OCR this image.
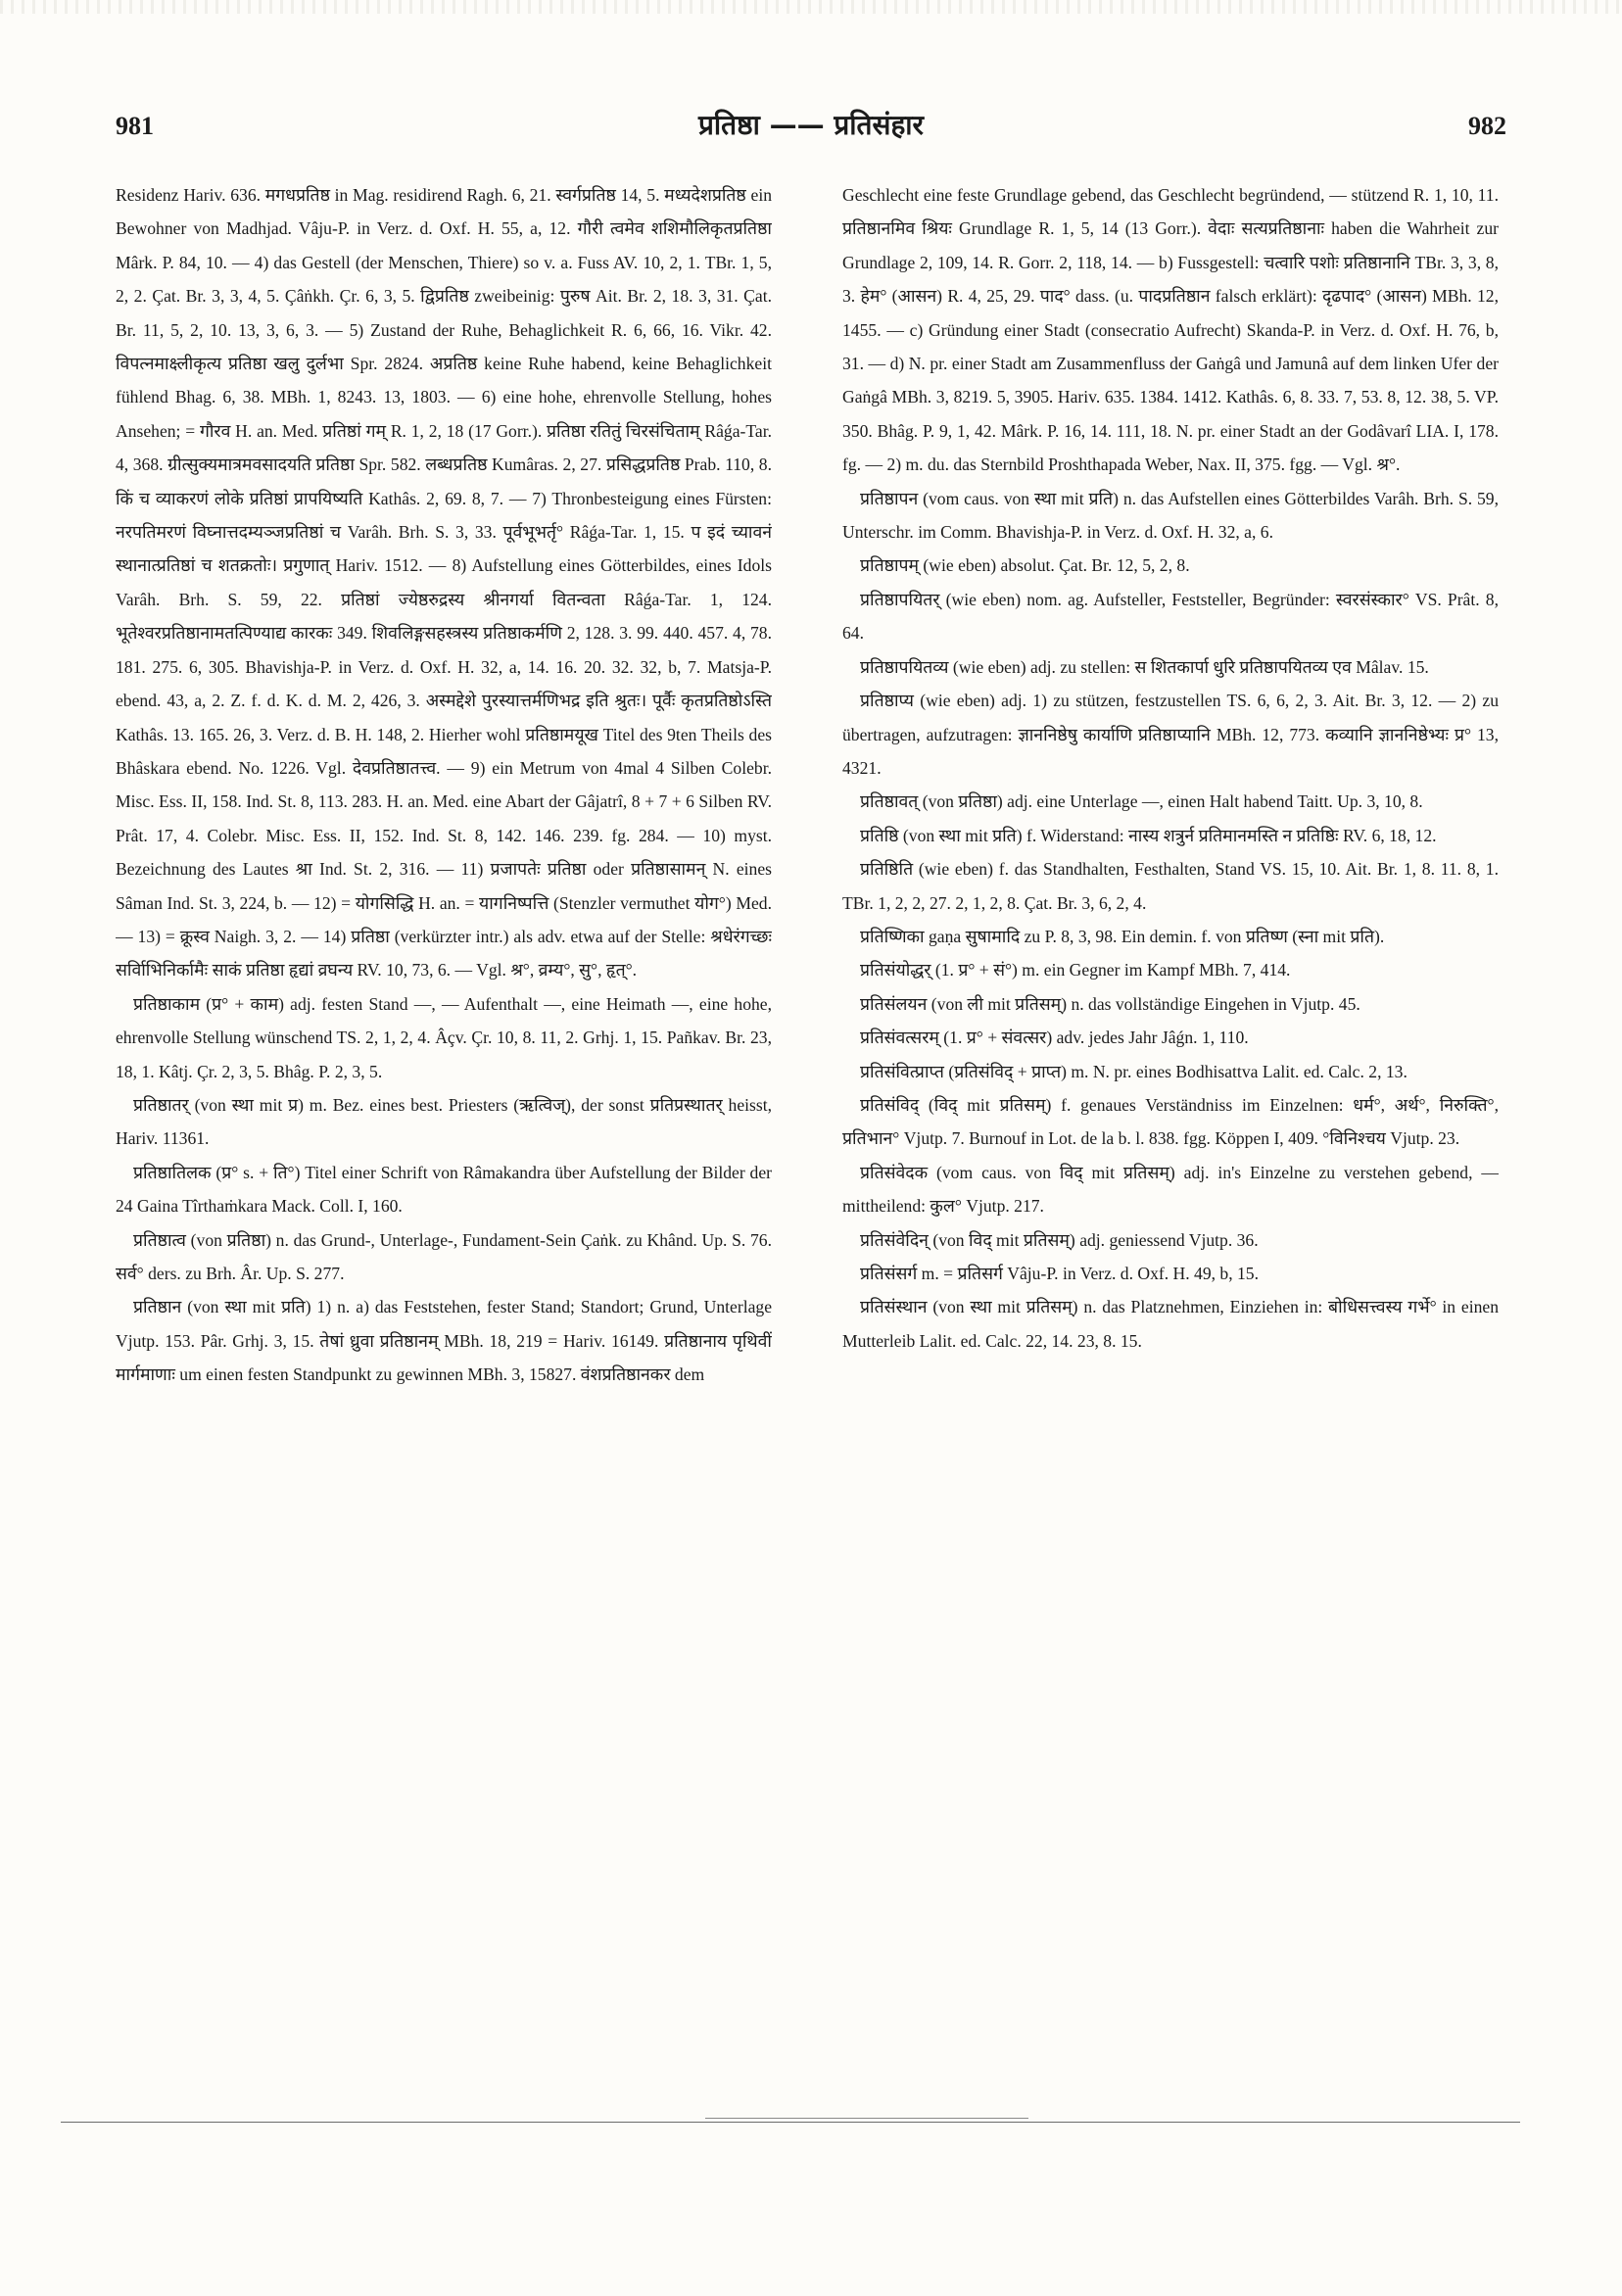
981	प्रतिष्ठा —— प्रतिसंहार	982

Residenz Hariv. 636. मगधप्रतिष्ठ in Mag. residirend Ragh. 6, 21. स्वर्गप्रतिष्ठ 14, 5. मध्यदेशप्रतिष्ठ ein Bewohner von Madhjad. Vâju-P. in Verz. d. Oxf. H. 55, a, 12. गौरी त्वमेव शशिमौलिकृतप्रतिष्ठा Mârk. P. 84, 10. — 4) das Gestell (der Menschen, Thiere) so v. a. Fuss AV. 10, 2, 1. TBr. 1, 5, 2, 2. Çat. Br. 3, 3, 4, 5. Çâṅkh. Çr. 6, 3, 5. द्विप्रतिष्ठ zweibeinig: पुरुष Ait. Br. 2, 18. 3, 31. Çat. Br. 11, 5, 2, 10. 13, 3, 6, 3. — 5) Zustand der Ruhe, Behaglichkeit R. 6, 66, 16. Vikr. 42. विपत्नमाक्ष्लीकृत्य प्रतिष्ठा खलु दुर्लभा Spr. 2824. अप्रतिष्ठ keine Ruhe habend, keine Behaglichkeit fühlend Bhag. 6, 38. MBh. 1, 8243. 13, 1803. — 6) eine hohe, ehrenvolle Stellung, hohes Ansehen; = गौरव H. an. Med. प्रतिष्ठां गम् R. 1, 2, 18 (17 Gorr.). प्रतिष्ठा रतितुं चिरसंचिताम् Râǵa-Tar. 4, 368. ग्रीत्सुक्यमात्रमवसादयति प्रतिष्ठा Spr. 582. लब्धप्रतिष्ठ Kumâras. 2, 27. प्रसिद्धप्रतिष्ठ Prab. 110, 8. किं च व्याकरणं लोके प्रतिष्ठां प्रापयिष्यति Kathâs. 2, 69. 8, 7. — 7) Thronbesteigung eines Fürsten: नरपतिमरणं विघ्नात्तदम्यञ्जप्रतिष्ठां च Varâh. Brh. S. 3, 33. पूर्वभूभर्तृ° Râǵa-Tar. 1, 15. प इदं च्यावनं स्थानात्प्रतिष्ठां च शतक्रतोः। प्रगुणात् Hariv. 1512. — 8) Aufstellung eines Götterbildes, eines Idols Varâh. Brh. S. 59, 22. प्रतिष्ठां ज्येष्ठरुद्रस्य श्रीनगर्या वितन्वता Râǵa-Tar. 1, 124. भूतेश्वरप्रतिष्ठानामतत्पिण्याद्य कारकः 349. शिवलिङ्गसहस्त्रस्य प्रतिष्ठाकर्मणि 2, 128. 3. 99. 440. 457. 4, 78. 181. 275. 6, 305. Bhavishja-P. in Verz. d. Oxf. H. 32, a, 14. 16. 20. 32. 32, b, 7. Matsja-P. ebend. 43, a, 2. Z. f. d. K. d. M. 2, 426, 3. अस्मद्देशे पुरस्यात्तर्मणिभद्र इति श्रुतः। पूर्वैः कृतप्रतिष्ठोऽस्ति Kathâs. 13. 165. 26, 3. Verz. d. B. H. 148, 2. Hierher wohl प्रतिष्ठामयूख Titel des 9ten Theils des Bhâskara ebend. No. 1226. Vgl. देवप्रतिष्ठातत्त्व. — 9) ein Metrum von 4mal 4 Silben Colebr. Misc. Ess. II, 158. Ind. St. 8, 113. 283. H. an. Med. eine Abart der Gâjatrî, 8 + 7 + 6 Silben RV. Prât. 17, 4. Colebr. Misc. Ess. II, 152. Ind. St. 8, 142. 146. 239. fg. 284. — 10) myst. Bezeichnung des Lautes श्रा Ind. St. 2, 316. — 11) प्रजापतेः प्रतिष्ठा oder प्रतिष्ठासामन् N. eines Sâman Ind. St. 3, 224, b. — 12) = योगसिद्धि H. an. = यागनिष्पत्ति (Stenzler vermuthet योग°) Med. — 13) = क्रूस्व Naigh. 3, 2. — 14) प्रतिष्ठा (verkürzter intr.) als adv. etwa auf der Stelle: श्रधेरंगच्छः सर्वािभिनिर्कामैः साकं प्रतिष्ठा हृद्यां व्रघन्य RV. 10, 73, 6. — Vgl. श्र°, व्रम्य°, सु°, हृत्°.

प्रतिष्ठाकाम (प्र° + काम) adj. festen Stand —, — Aufenthalt —, eine Heimath —, eine hohe, ehrenvolle Stellung wünschend TS. 2, 1, 2, 4. Âçv. Çr. 10, 8. 11, 2. Grhj. 1, 15. Pañkav. Br. 23, 18, 1. Kâtj. Çr. 2, 3, 5. Bhâg. P. 2, 3, 5.

प्रतिष्ठातर् (von स्था mit प्र) m. Bez. eines best. Priesters (ऋत्विज्), der sonst प्रतिप्रस्थातर् heisst, Hariv. 11361.

प्रतिष्ठातिलक (प्र° s. + ति°) Titel einer Schrift von Râmakandra über Aufstellung der Bilder der 24 Gaina Tîrthaṁkara Mack. Coll. I, 160.

प्रतिष्ठात्व (von प्रतिष्ठा) n. das Grund-, Unterlage-, Fundament-Sein Çaṅk. zu Khând. Up. S. 76. सर्व° ders. zu Brh. Âr. Up. S. 277.

प्रतिष्ठान (von स्था mit प्रति) 1) n. a) das Feststehen, fester Stand; Standort; Grund, Unterlage Vjutp. 153. Pâr. Grhj. 3, 15. तेषां ध्रुवा प्रतिष्ठानम् MBh. 18, 219 = Hariv. 16149. प्रतिष्ठानाय पृथिवीं मार्गमाणाः um einen festen Standpunkt zu gewinnen MBh. 3, 15827. वंशप्रतिष्ठानकर dem

Geschlecht eine feste Grundlage gebend, das Geschlecht begründend, — stützend R. 1, 10, 11. प्रतिष्ठानमिव श्रियः Grundlage R. 1, 5, 14 (13 Gorr.). वेदाः सत्यप्रतिष्ठानाः haben die Wahrheit zur Grundlage 2, 109, 14. R. Gorr. 2, 118, 14. — b) Fussgestell: चत्वारि पशोः प्रतिष्ठानानि TBr. 3, 3, 8, 3. हेम° (आसन) R. 4, 25, 29. पाद° dass. (u. पादप्रतिष्ठान falsch erklärt): दृढपाद° (आसन) MBh. 12, 1455. — c) Gründung einer Stadt (consecratio Aufrecht) Skanda-P. in Verz. d. Oxf. H. 76, b, 31. — d) N. pr. einer Stadt am Zusammenfluss der Gaṅgâ und Jamunâ auf dem linken Ufer der Gaṅgâ MBh. 3, 8219. 5, 3905. Hariv. 635. 1384. 1412. Kathâs. 6, 8. 33. 7, 53. 8, 12. 38, 5. VP. 350. Bhâg. P. 9, 1, 42. Mârk. P. 16, 14. 111, 18. N. pr. einer Stadt an der Godâvarî LIA. I, 178. fg. — 2) m. du. das Sternbild Proshthapada Weber, Nax. II, 375. fgg. — Vgl. श्र°.

प्रतिष्ठापन (vom caus. von स्था mit प्रति) n. das Aufstellen eines Götterbildes Varâh. Brh. S. 59, Unterschr. im Comm. Bhavishja-P. in Verz. d. Oxf. H. 32, a, 6.

प्रतिष्ठापम् (wie eben) absolut. Çat. Br. 12, 5, 2, 8.

प्रतिष्ठापयितर् (wie eben) nom. ag. Aufsteller, Feststeller, Begründer: स्वरसंस्कार° VS. Prât. 8, 64.

प्रतिष्ठापयितव्य (wie eben) adj. zu stellen: स शितकार्पा धुरि प्रतिष्ठापयितव्य एव Mâlav. 15.

प्रतिष्ठाप्य (wie eben) adj. 1) zu stützen, festzustellen TS. 6, 6, 2, 3. Ait. Br. 3, 12. — 2) zu übertragen, aufzutragen: ज्ञाननिष्ठेषु कार्याणि प्रतिष्ठाप्यानि MBh. 12, 773. कव्यानि ज्ञाननिष्ठेभ्यः प्र° 13, 4321.

प्रतिष्ठावत् (von प्रतिष्ठा) adj. eine Unterlage —, einen Halt habend Taitt. Up. 3, 10, 8.

प्रतिष्ठि (von स्था mit प्रति) f. Widerstand: नास्य शत्रुर्न प्रतिमानमस्ति न प्रतिष्ठिः RV. 6, 18, 12.

प्रतिष्ठिति (wie eben) f. das Standhalten, Festhalten, Stand VS. 15, 10. Ait. Br. 1, 8. 11. 8, 1. TBr. 1, 2, 2, 27. 2, 1, 2, 8. Çat. Br. 3, 6, 2, 4.

प्रतिष्णिका gaṇa सुषामादि zu P. 8, 3, 98. Ein demin. f. von प्रतिष्ण (स्ना mit प्रति).

प्रतिसंयोद्धर् (1. प्र° + सं°) m. ein Gegner im Kampf MBh. 7, 414.

प्रतिसंलयन (von ली mit प्रतिसम्) n. das vollständige Eingehen in Vjutp. 45.

प्रतिसंवत्सरम् (1. प्र° + संवत्सर) adv. jedes Jahr Jâǵn. 1, 110.

प्रतिसंवित्प्राप्त (प्रतिसंविद् + प्राप्त) m. N. pr. eines Bodhisattva Lalit. ed. Calc. 2, 13.

प्रतिसंविद् (विद् mit प्रतिसम्) f. genaues Verständniss im Einzelnen: धर्म°, अर्थ°, निरुक्ति°, प्रतिभान° Vjutp. 7. Burnouf in Lot. de la b. l. 838. fgg. Köppen I, 409. °विनिश्चय Vjutp. 23.

प्रतिसंवेदक (vom caus. von विद् mit प्रतिसम्) adj. in's Einzelne zu verstehen gebend, — mittheilend: कुल° Vjutp. 217.

प्रतिसंवेदिन् (von विद् mit प्रतिसम्) adj. geniessend Vjutp. 36.

प्रतिसंसर्ग m. = प्रतिसर्ग Vâju-P. in Verz. d. Oxf. H. 49, b, 15.

प्रतिसंस्थान (von स्था mit प्रतिसम्) n. das Platznehmen, Einziehen in: बोधिसत्त्वस्य गर्भे° in einen Mutterleib Lalit. ed. Calc. 22, 14. 23, 8. 15.
